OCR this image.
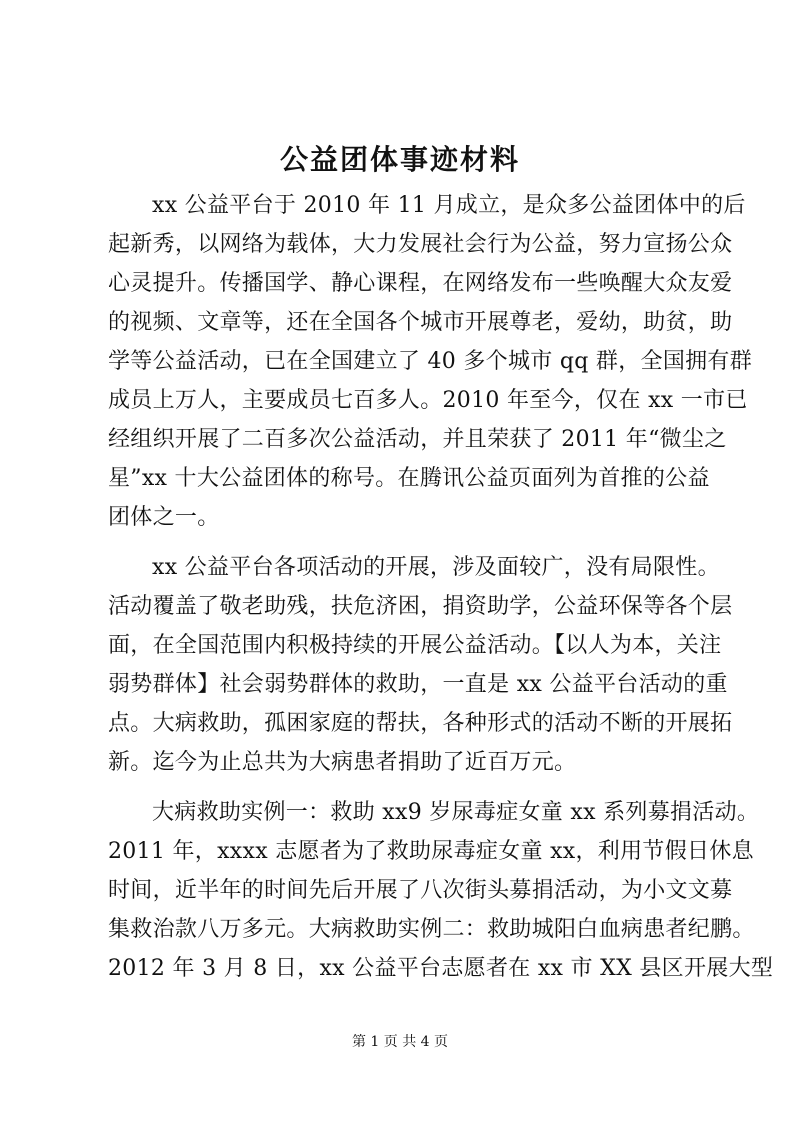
公益团体事迹材料
xx 公益平台于 2010 年 11 月成立，是众多公益团体中的后
起新秀，以网络为载体，大力发展社会行为公益，努力宣扬公众
心灵提升。传播国学、静心课程，在网络发布一些唤醒大众友爱
的视频、文章等，还在全国各个城市开展尊老，爱幼，助贫，助
学等公益活动，已在全国建立了 40 多个城市 qq 群，全国拥有群
成员上万人，主要成员七百多人。2010 年至今，仅在 xx 一市已
经组织开展了二百多次公益活动，并且荣获了 2011 年“微尘之
星”xx 十大公益团体的称号。在腾讯公益页面列为首推的公益
团体之一。
xx 公益平台各项活动的开展，涉及面较广，没有局限性。
活动覆盖了敬老助残，扶危济困，捐资助学，公益环保等各个层
面，在全国范围内积极持续的开展公益活动。【以人为本，关注
弱势群体】社会弱势群体的救助，一直是 xx 公益平台活动的重
点。大病救助，孤困家庭的帮扶，各种形式的活动不断的开展拓
新。迄今为止总共为大病患者捐助了近百万元。
大病救助实例一：救助 xx9 岁尿毒症女童 xx 系列募捐活动。
2011 年，xxxx 志愿者为了救助尿毒症女童 xx，利用节假日休息
时间，近半年的时间先后开展了八次街头募捐活动，为小文文募
集救治款八万多元。大病救助实例二：救助城阳白血病患者纪鹏。
2012 年 3 月 8 日，xx 公益平台志愿者在 xx 市 XX 县区开展大型
第 1 页 共 4 页
